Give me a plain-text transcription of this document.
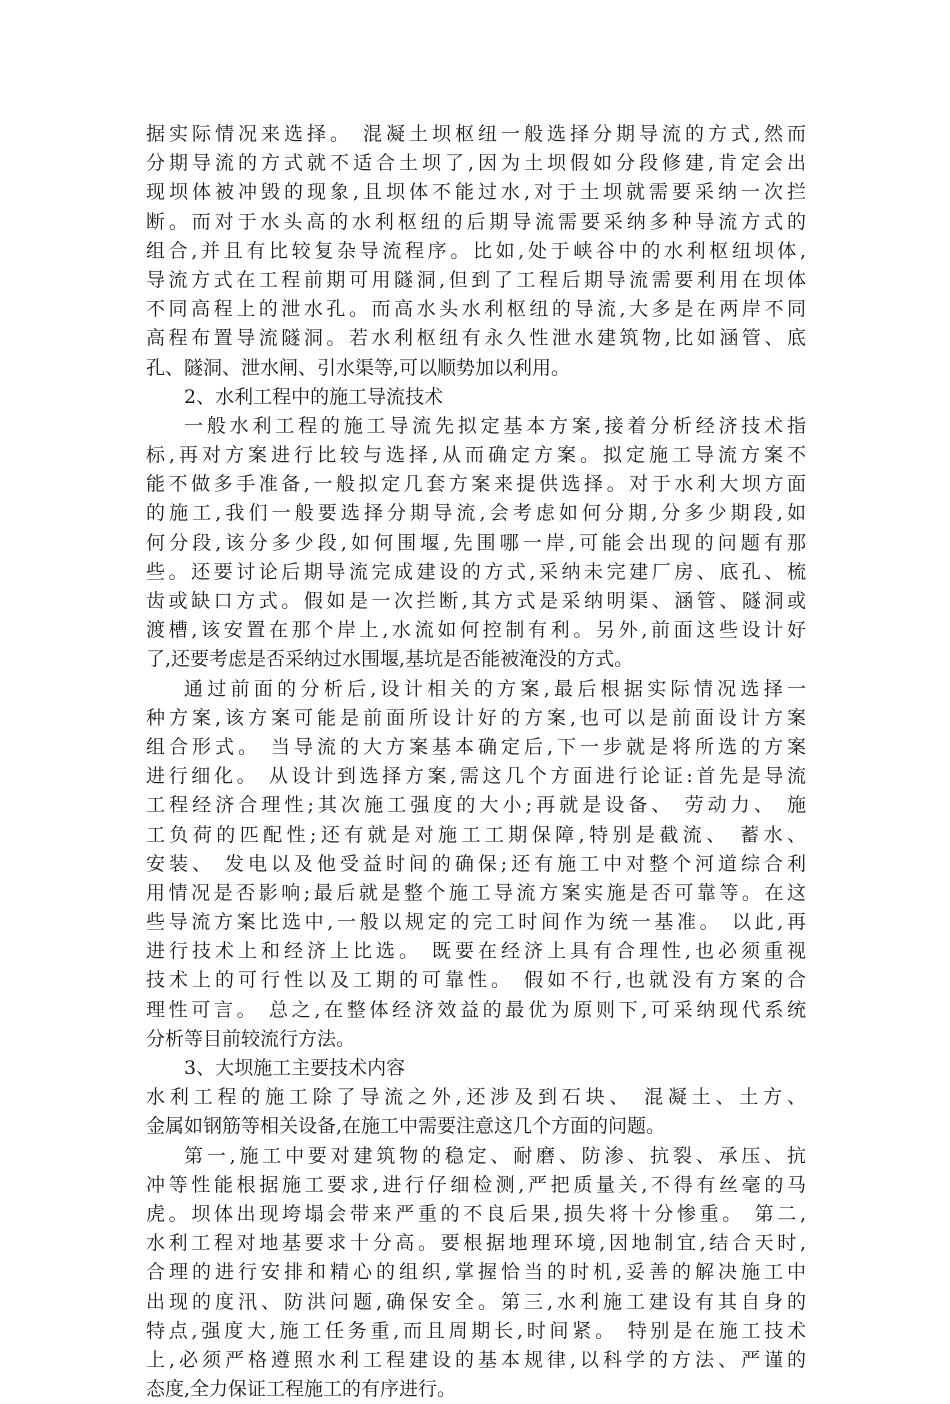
据实际情况来选择。 混凝土坝枢纽一般选择分期导流的方式,然而
分期导流的方式就不适合土坝了,因为土坝假如分段修建,肯定会出
现坝体被冲毁的现象,且坝体不能过水,对于土坝就需要采纳一次拦
断。而对于水头高的水利枢纽的后期导流需要采纳多种导流方式的
组合,并且有比较复杂导流程序。比如,处于峡谷中的水利枢纽坝体,
导流方式在工程前期可用隧洞,但到了工程后期导流需要利用在坝体
不同高程上的泄水孔。而高水头水利枢纽的导流,大多是在两岸不同
高程布置导流隧洞。若水利枢纽有永久性泄水建筑物,比如涵管、底
孔、隧洞、泄水闸、引水渠等,可以顺势加以利用。
2、水利工程中的施工导流技术
一般水利工程的施工导流先拟定基本方案,接着分析经济技术指
标,再对方案进行比较与选择,从而确定方案。拟定施工导流方案不
能不做多手准备,一般拟定几套方案来提供选择。对于水利大坝方面
的施工,我们一般要选择分期导流,会考虑如何分期,分多少期段,如
何分段,该分多少段,如何围堰,先围哪一岸,可能会出现的问题有那
些。还要讨论后期导流完成建设的方式,采纳未完建厂房、底孔、梳
齿或缺口方式。假如是一次拦断,其方式是采纳明渠、涵管、隧洞或
渡槽,该安置在那个岸上,水流如何控制有利。另外,前面这些设计好
了,还要考虑是否采纳过水围堰,基坑是否能被淹没的方式。
通过前面的分析后,设计相关的方案,最后根据实际情况选择一
种方案,该方案可能是前面所设计好的方案,也可以是前面设计方案
组合形式。 当导流的大方案基本确定后,下一步就是将所选的方案
进行细化。 从设计到选择方案,需这几个方面进行论证:首先是导流
工程经济合理性;其次施工强度的大小;再就是设备、 劳动力、 施
工负荷的匹配性;还有就是对施工工期保障,特别是截流、 蓄水、
安装、 发电以及他受益时间的确保;还有施工中对整个河道综合利
用情况是否影响;最后就是整个施工导流方案实施是否可靠等。在这
些导流方案比选中,一般以规定的完工时间作为统一基准。 以此,再
进行技术上和经济上比选。 既要在经济上具有合理性,也必须重视
技术上的可行性以及工期的可靠性。 假如不行,也就没有方案的合
理性可言。 总之,在整体经济效益的最优为原则下,可采纳现代系统
分析等目前较流行方法。
3、大坝施工主要技术内容
水利工程的施工除了导流之外,还涉及到石块、 混凝土、土方、
金属如钢筋等相关设备,在施工中需要注意这几个方面的问题。
第一,施工中要对建筑物的稳定、耐磨、防渗、抗裂、承压、抗
冲等性能根据施工要求,进行仔细检测,严把质量关,不得有丝毫的马
虎。坝体出现垮塌会带来严重的不良后果,损失将十分惨重。 第二,
水利工程对地基要求十分高。要根据地理环境,因地制宜,结合天时,
合理的进行安排和精心的组织,掌握恰当的时机,妥善的解决施工中
出现的度汛、防洪问题,确保安全。第三,水利施工建设有其自身的
特点,强度大,施工任务重,而且周期长,时间紧。 特别是在施工技术
上,必须严格遵照水利工程建设的基本规律,以科学的方法、严谨的
态度,全力保证工程施工的有序进行。
